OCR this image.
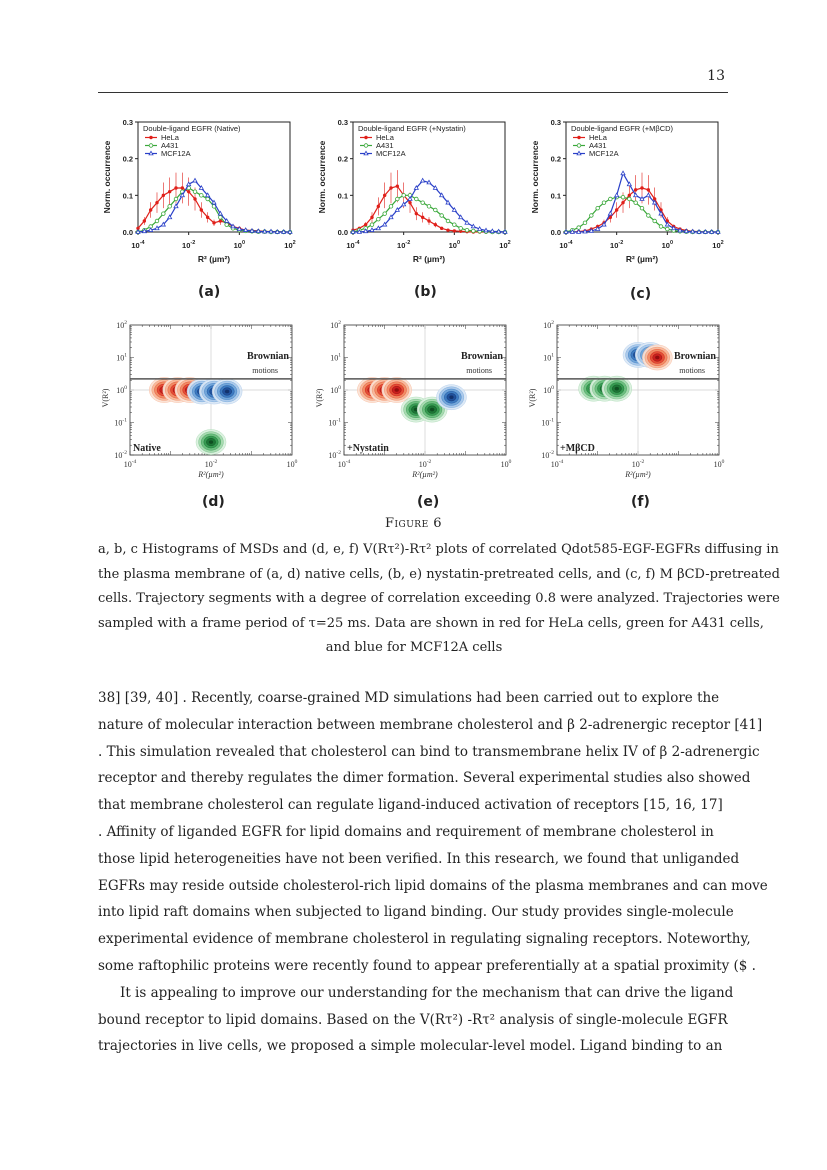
13
0.0
0.1
0.2
0.3
$10^{-4}$	$10^{-2}$	$10^0$	$10^2$
R² (µm²)
Norm. occurrence
Double-ligand EGFR (Native)
HeLa
A431
MCF12A
0.0
0.1
0.2
0.3
$10^{-4}$	$10^{-2}$	$10^0$	$10^2$
R² (µm²)
Norm. occurrence
Double-ligand EGFR (+Nystatin)
HeLa
A431
MCF12A
0.0
0.1
0.2
0.3
$10^{-4}$	$10^{-2}$	$10^0$	$10^2$
R² (µm²)
Norm. occurrence
Double-ligand EGFR (+MβCD)
HeLa
A431
MCF12A
(a)	(b)	(c)
Brownian
motions
Native
$10^{-2}$
$10^{-1}$
$10^0$
$10^1$
$10^2$
$10^{-4}$	$10^{-2}$	$10^0$
R²(µm²)
V(R²)
Brownian
motions
+Nystatin
$10^{-2}$
$10^{-1}$
$10^0$
$10^1$
$10^2$
$10^{-4}$	$10^{-2}$	$10^0$
R²(µm²)
V(R²)
Brownian
motions
+MβCD
$10^{-2}$
$10^{-1}$
$10^0$
$10^1$
$10^2$
$10^{-4}$	$10^{-2}$	$10^0$
R²(µm²)
V(R²)
(d)	(e)	(f)
Figure 6
a, b, c Histograms of MSDs and (d, e, f) V(Rτ²)-Rτ² plots of correlated Qdot585-EGF-EGFRs diffusing in
the plasma membrane of (a, d) native cells, (b, e) nystatin-pretreated cells, and (c, f) M βCD-pretreated
cells. Trajectory segments with a degree of correlation exceeding 0.8 were analyzed. Trajectories were
sampled with a frame period of τ=25 ms. Data are shown in red for HeLa cells, green for A431 cells,
and blue for MCF12A cells
38] [39, 40] . Recently, coarse-grained MD simulations had been carried out to explore the
nature of molecular interaction between membrane cholesterol and β 2-adrenergic receptor [41]
. This simulation revealed that cholesterol can bind to transmembrane helix IV of β 2-adrenergic
receptor and thereby regulates the dimer formation. Several experimental studies also showed
that membrane cholesterol can regulate ligand-induced activation of receptors [15, 16, 17]
. Affinity of liganded EGFR for lipid domains and requirement of membrane cholesterol in
those lipid heterogeneities have not been verified. In this research, we found that unliganded
EGFRs may reside outside cholesterol-rich lipid domains of the plasma membranes and can move
into lipid raft domains when subjected to ligand binding. Our study provides single-molecule
experimental evidence of membrane cholesterol in regulating signaling receptors. Noteworthy,
some raftophilic proteins were recently found to appear preferentially at a spatial proximity ($ .
It is appealing to improve our understanding for the mechanism that can drive the ligand
bound receptor to lipid domains. Based on the V(Rτ²) -Rτ² analysis of single-molecule EGFR
trajectories in live cells, we proposed a simple molecular-level model. Ligand binding to an
